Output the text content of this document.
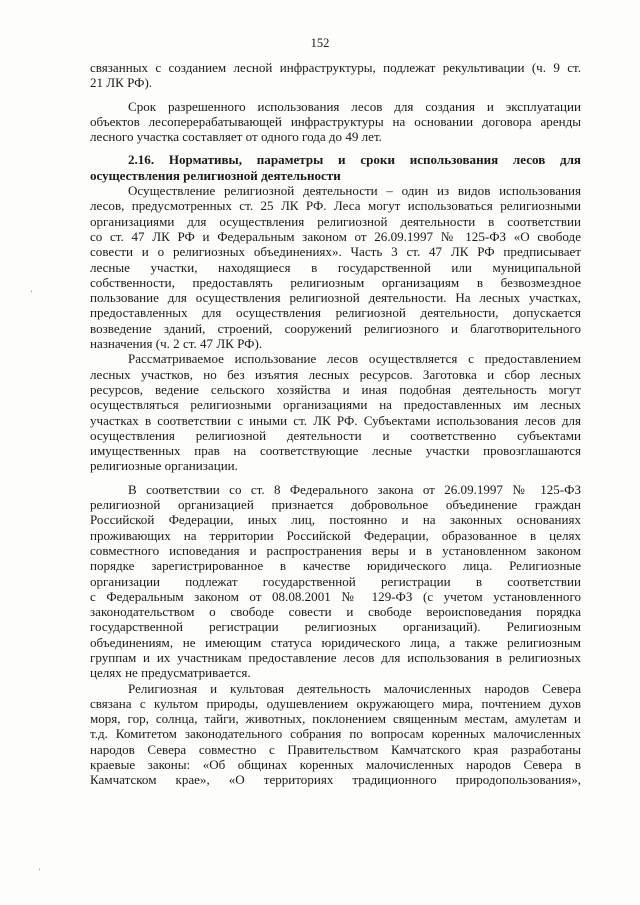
152
связанных с созданием лесной инфраструктуры, подлежат рекультивации (ч. 9 ст.
21 ЛК РФ).
Срок разрешенного использования лесов для создания и эксплуатации
объектов лесоперерабатывающей инфраструктуры на основании договора аренды
лесного участка составляет от одного года до 49 лет.
2.16. Нормативы, параметры и сроки использования лесов для
осуществления религиозной деятельности
Осуществление религиозной деятельности – один из видов использования
лесов, предусмотренных ст. 25 ЛК РФ. Леса могут использоваться религиозными
организациями для осуществления религиозной деятельности в соответствии
со ст. 47 ЛК РФ и Федеральным законом от 26.09.1997 № 125-ФЗ «О свободе
совести и о религиозных объединениях». Часть 3 ст. 47 ЛК РФ предписывает
лесные участки, находящиеся в государственной или муниципальной
собственности, предоставлять религиозным организациям в безвозмездное
пользование для осуществления религиозной деятельности. На лесных участках,
предоставленных для осуществления религиозной деятельности, допускается
возведение зданий, строений, сооружений религиозного и благотворительного
назначения (ч. 2 ст. 47 ЛК РФ).
Рассматриваемое использование лесов осуществляется с предоставлением
лесных участков, но без изъятия лесных ресурсов. Заготовка и сбор лесных
ресурсов, ведение сельского хозяйства и иная подобная деятельность могут
осуществляться религиозными организациями на предоставленных им лесных
участках в соответствии с иными ст. ЛК РФ. Субъектами использования лесов для
осуществления религиозной деятельности и соответственно субъектами
имущественных прав на соответствующие лесные участки провозглашаются
религиозные организации.
В соответствии со ст. 8 Федерального закона от 26.09.1997 № 125-ФЗ
религиозной организацией признается добровольное объединение граждан
Российской Федерации, иных лиц, постоянно и на законных основаниях
проживающих на территории Российской Федерации, образованное в целях
совместного исповедания и распространения веры и в установленном законом
порядке зарегистрированное в качестве юридического лица. Религиозные
организации подлежат государственной регистрации в соответствии
с Федеральным законом от 08.08.2001 № 129-ФЗ (с учетом установленного
законодательством о свободе совести и свободе вероисповедания порядка
государственной регистрации религиозных организаций). Религиозным
объединениям, не имеющим статуса юридического лица, а также религиозным
группам и их участникам предоставление лесов для использования в религиозных
целях не предусматривается.
Религиозная и культовая деятельность малочисленных народов Севера
связана с культом природы, одушевлением окружающего мира, почтением духов
моря, гор, солнца, тайги, животных, поклонением священным местам, амулетам и
т.д. Комитетом законодательного собрания по вопросам коренных малочисленных
народов Севера совместно с Правительством Камчатского края разработаны
краевые законы: «Об общинах коренных малочисленных народов Севера в
Камчатском крае», «О территориях традиционного природопользования»,
ʼ
ʼ
